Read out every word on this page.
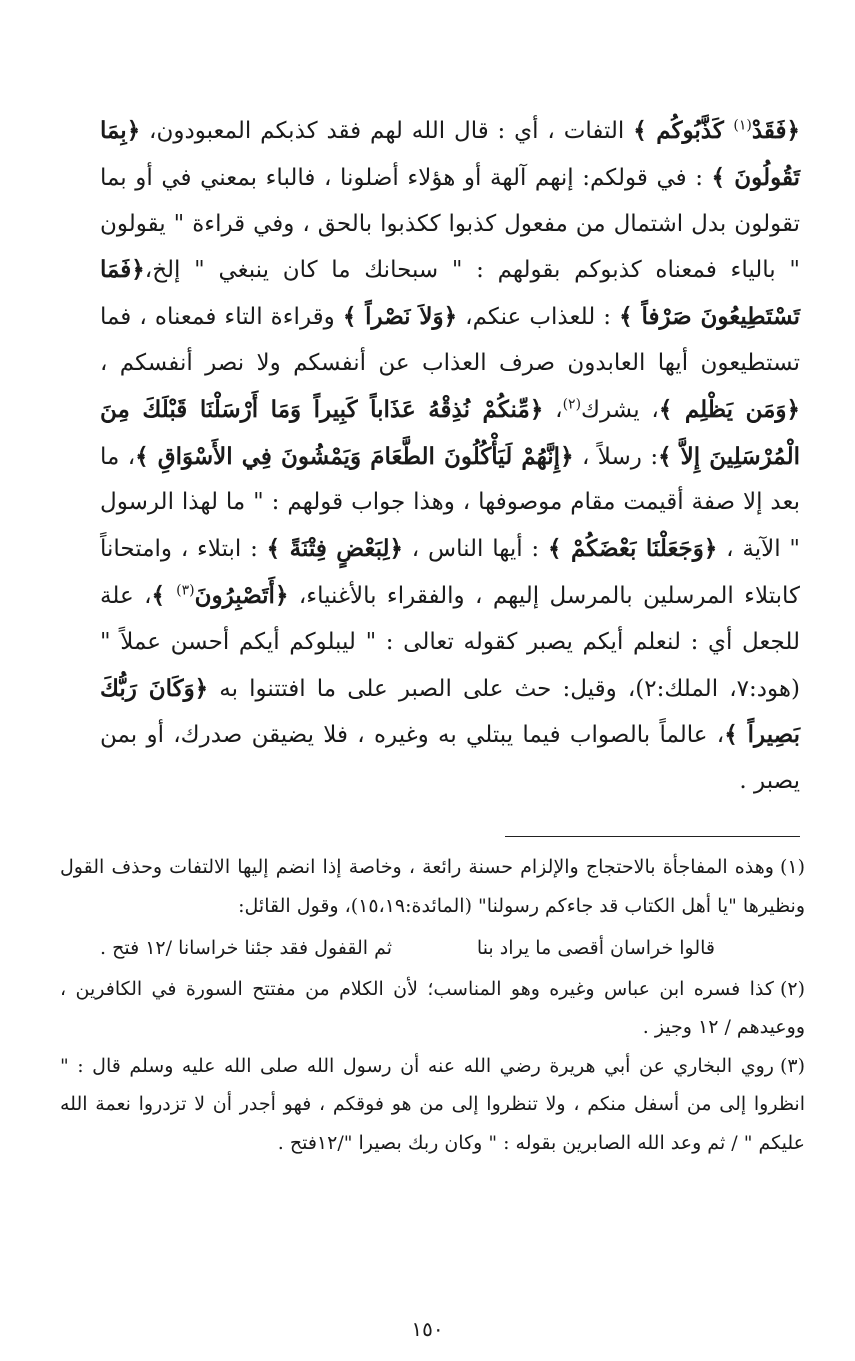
﴿فَقَدْ$^{(١)}$ كَذَّبُوكُم ﴾ التفات ، أي : قال الله لهم فقد كذبكم المعبودون، ﴿بِمَا تَقُولُونَ ﴾ : في قولكم: إنهم آلهة أو هؤلاء أضلونا ، فالباء بمعني في أو بما تقولون بدل اشتمال من مفعول كذبوا ككذبوا بالحق ، وفي قراءة " يقولون " بالياء فمعناه كذبوكم بقولهم : " سبحانك ما كان ينبغي " إلخ،﴿فَمَا تَسْتَطِيعُونَ صَرْفاً ﴾ : للعذاب عنكم، ﴿وَلاَ نَصْراً ﴾ وقراءة التاء فمعناه ، فما تستطيعون أيها العابدون صرف العذاب عن أنفسكم ولا نصر أنفسكم ، ﴿وَمَن يَظْلِم ﴾، يشرك$^{(٢)}$، ﴿مِّنكُمْ نُذِقْهُ عَذَاباً كَبِيراً وَمَا أَرْسَلْنَا قَبْلَكَ مِنَ الْمُرْسَلِينَ إِلاَّ ﴾: رسلاً ، ﴿إِنَّهُمْ لَيَأْكُلُونَ الطَّعَامَ وَيَمْشُونَ فِي الأَسْوَاقِ ﴾، ما بعد إلا صفة أقيمت مقام موصوفها ، وهذا جواب قولهم : " ما لهذا الرسول " الآية ، ﴿وَجَعَلْنَا بَعْضَكُمْ ﴾ : أيها الناس ، ﴿لِبَعْضٍ فِتْنَةً ﴾ : ابتلاء ، وامتحاناً كابتلاء المرسلين بالمرسل إليهم ، والفقراء بالأغنياء، ﴿أَتَصْبِرُونَ$^{(٣)}$ ﴾، علة للجعل أي : لنعلم أيكم يصبر كقوله تعالى : " ليبلوكم أيكم أحسن عملاً " (هود:٧، الملك:٢)، وقيل: حث على الصبر على ما افتتنوا به ﴿وَكَانَ رَبُّكَ بَصِيراً ﴾، عالماً بالصواب فيما يبتلي به وغيره ، فلا يضيقن صدرك، أو بمن يصبر .

(١)وهذه المفاجأة بالاحتجاج والإلزام حسنة رائعة ، وخاصة إذا انضم إليها الالتفات وحذف القول ونظيرها "يا أهل الكتاب قد جاءكم رسولنا" (المائدة:١٥،١٩)، وقول القائل:
قالوا خراسان أقصى ما يراد بنا
ثم القفول فقد جئنا خراسانا /١٢ فتح .
(٢)كذا فسره ابن عباس وغيره وهو المناسب؛ لأن الكلام من مفتتح السورة في الكافرين ، ووعيدهم / ١٢ وجيز .
(٣)روي البخاري عن أبي هريرة رضي الله عنه أن رسول الله صلى الله عليه وسلم قال : " انظروا إلى من أسفل منكم ، ولا تنظروا إلى من هو فوقكم ، فهو أجدر أن لا تزدروا نعمة الله عليكم " / ثم وعد الله الصابرين بقوله : " وكان ربك بصيرا "/١٢فتح .
١٥٠
